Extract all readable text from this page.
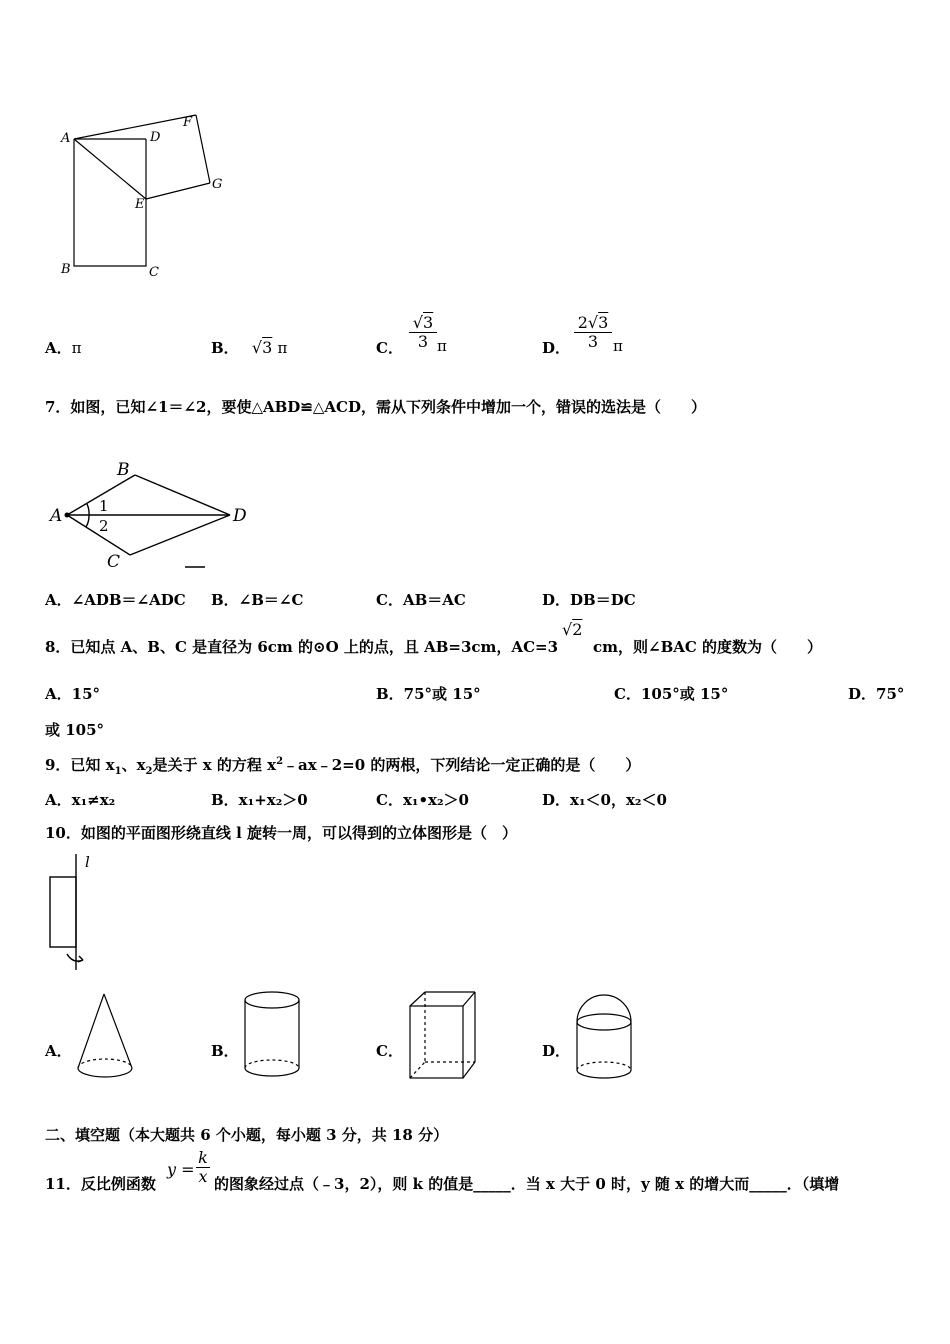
A	D
F
G
E
B	C
A．π	B． √3 π	C． $\frac{√3}{3}$ π	D． $\frac{2√3}{3}$ π
7．如图，已知∠1＝∠2，要使△ABD≌△ACD，需从下列条件中增加一个，错误的选法是（　　）
A
B
C
D
1
2
A．∠ADB＝∠ADC B．∠B＝∠C	C．AB＝AC	D．DB＝DC
8．已知点 A、B、C 是直径为 6cm 的⊙O 上的点，且 AB=3cm，AC=3
√2
cm，则∠BAC 的度数为（　　）
A．15°	B．75°或 15°	C．105°或 15°	D．75°
或 105°
9．已知 $x_1$、$x_2$是关于 x 的方程 $x^2﹣ax﹣2=0$ 的两根，下列结论一定正确的是（　　）
A．x₁≠x₂	B．x₁+x₂＞0	C．x₁•x₂＞0	D．x₁＜0，x₂＜0
10．如图的平面图形绕直线 l 旋转一周，可以得到的立体图形是（　）
l
A．	B．	C．	D．
二、填空题（本大题共 6 个小题，每小题 3 分，共 18 分）
11．反比例函数
$y = \frac{k}{x}$ 的图象经过点（﹣3，2），则 k 的值是_____．当 x 大于 0 时，y 随 x 的增大而_____．（填增
